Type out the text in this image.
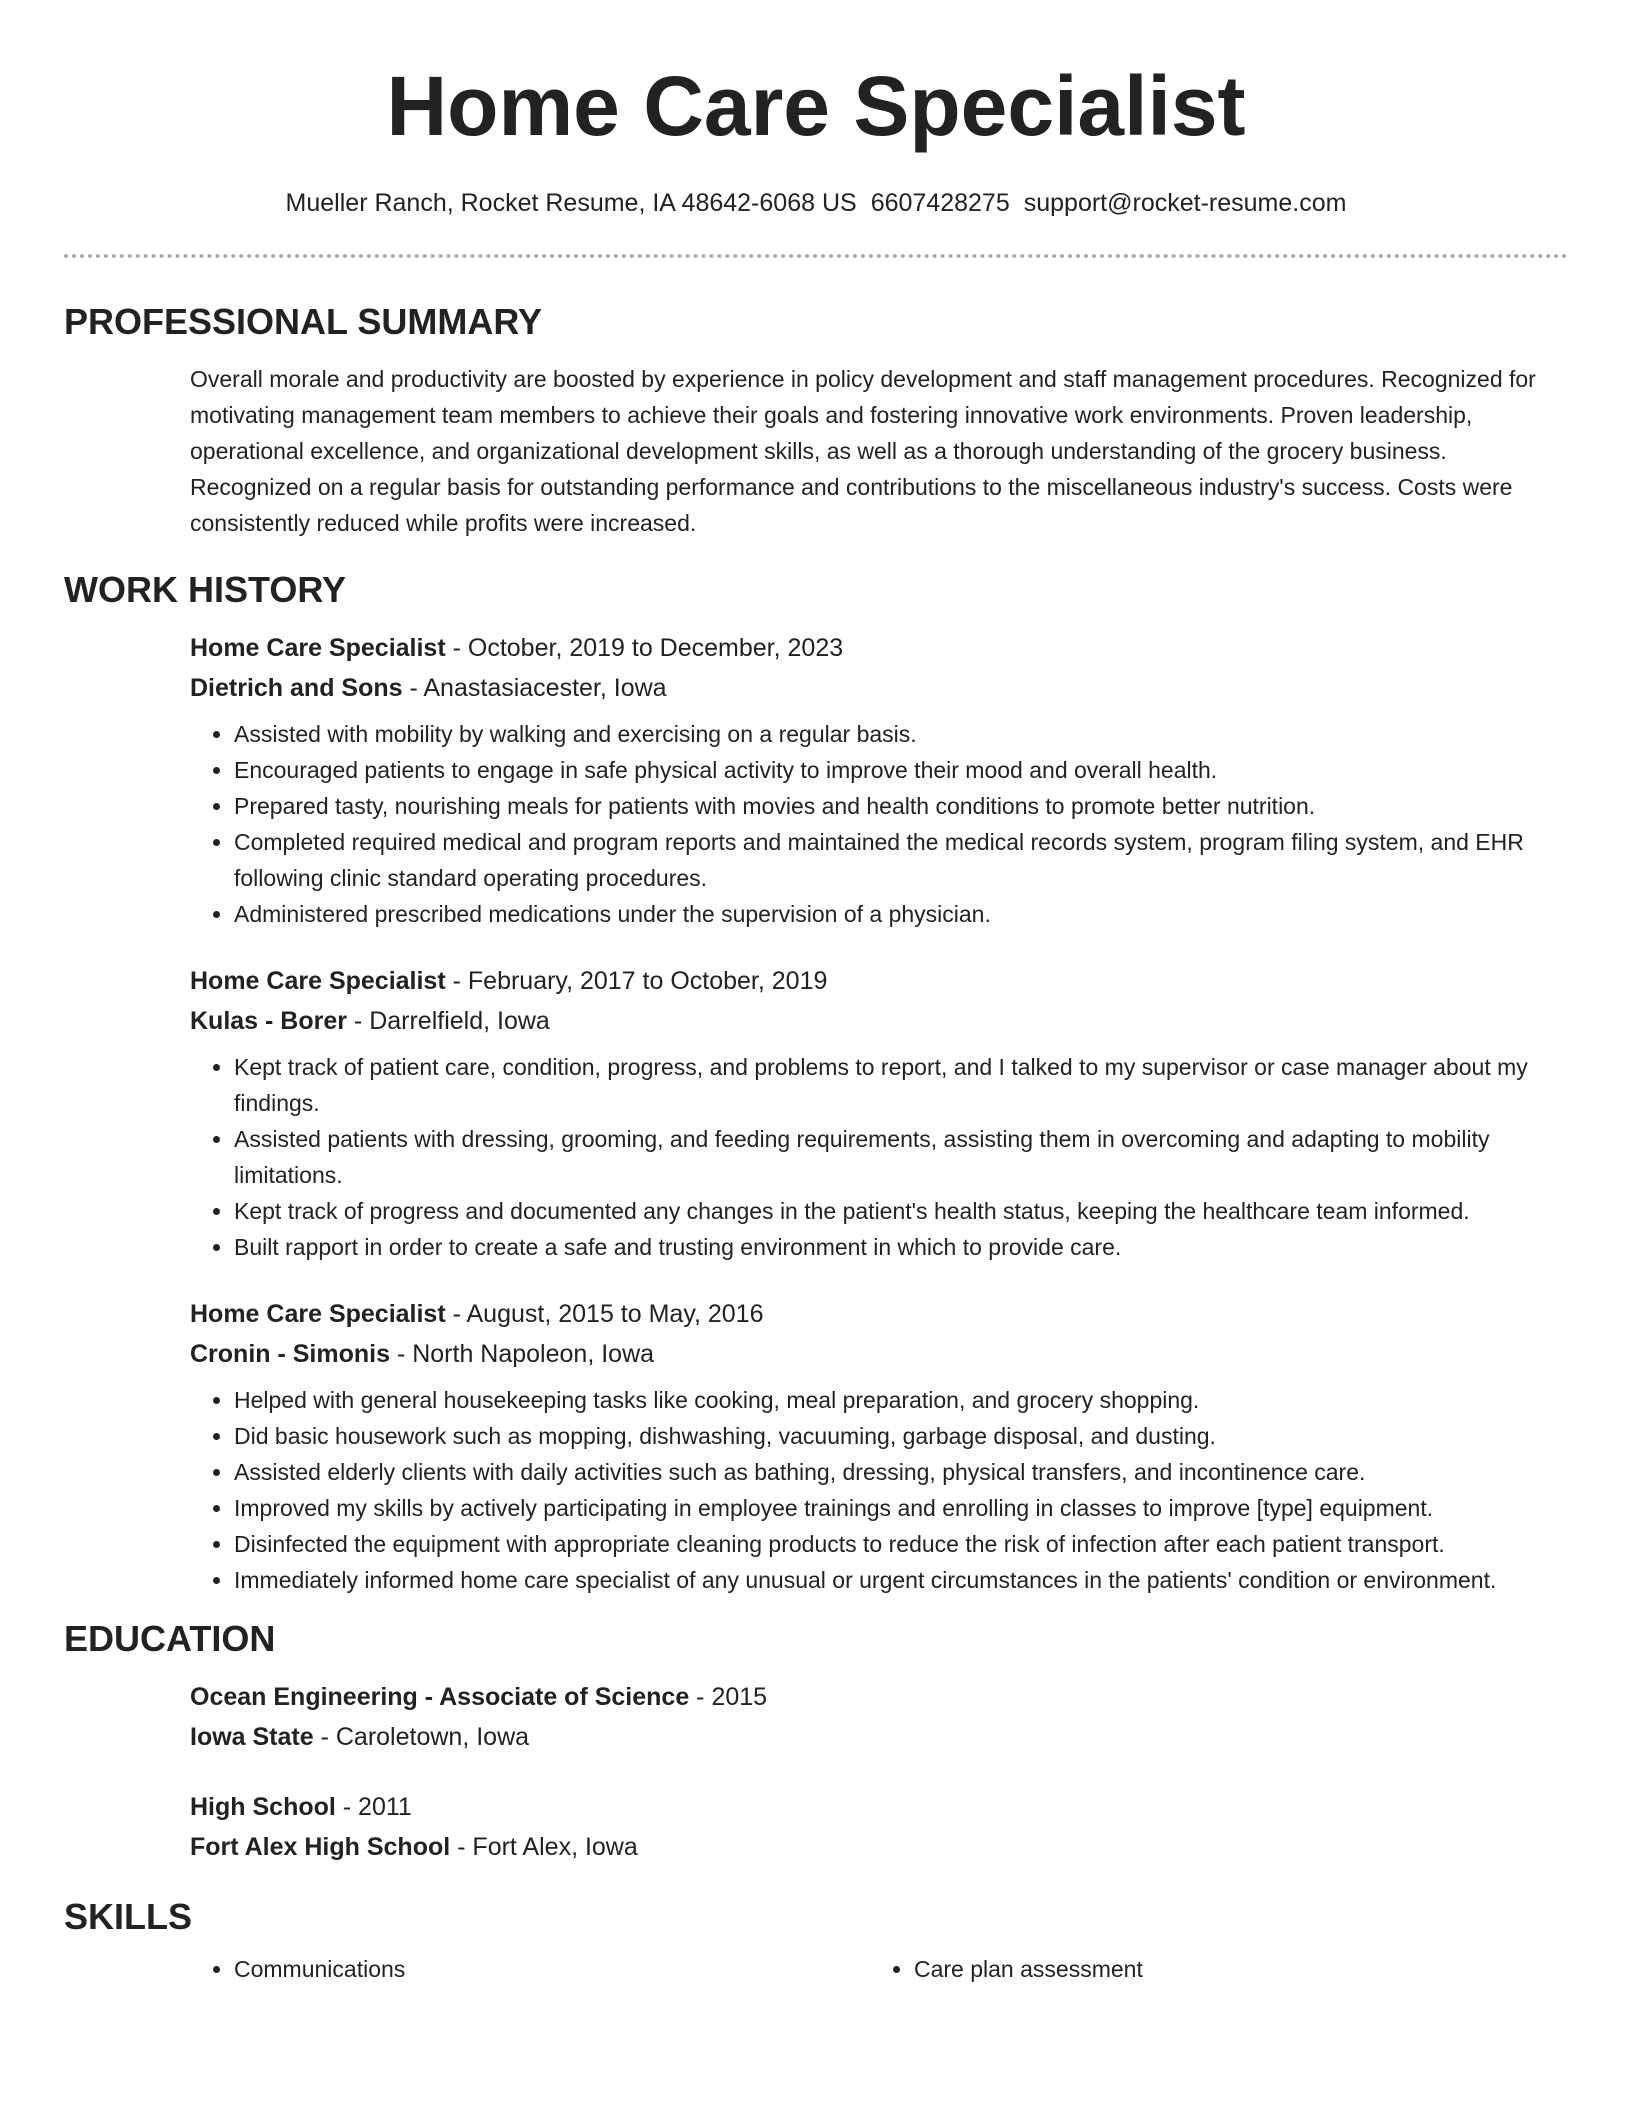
Home Care Specialist
Mueller Ranch, Rocket Resume, IA 48642-6068 US 6607428275 support@rocket-resume.com
PROFESSIONAL SUMMARY

Overall morale and productivity are boosted by experience in policy development and staff management procedures. Recognized for motivating management team members to achieve their goals and fostering innovative work environments. Proven leadership, operational excellence, and organizational development skills, as well as a thorough understanding of the grocery business. Recognized on a regular basis for outstanding performance and contributions to the miscellaneous industry's success. Costs were consistently reduced while profits were increased.

WORK HISTORY
Home Care Specialist - October, 2019 to December, 2023
Dietrich and Sons - Anastasiacester, Iowa
• Assisted with mobility by walking and exercising on a regular basis.
• Encouraged patients to engage in safe physical activity to improve their mood and overall health.
• Prepared tasty, nourishing meals for patients with movies and health conditions to promote better nutrition.
• Completed required medical and program reports and maintained the medical records system, program filing system, and EHR following clinic standard operating procedures.
• Administered prescribed medications under the supervision of a physician.
Home Care Specialist - February, 2017 to October, 2019
Kulas - Borer - Darrelfield, Iowa
• Kept track of patient care, condition, progress, and problems to report, and I talked to my supervisor or case manager about my findings.
• Assisted patients with dressing, grooming, and feeding requirements, assisting them in overcoming and adapting to mobility limitations.
• Kept track of progress and documented any changes in the patient's health status, keeping the healthcare team informed.
• Built rapport in order to create a safe and trusting environment in which to provide care.
Home Care Specialist - August, 2015 to May, 2016
Cronin - Simonis - North Napoleon, Iowa
• Helped with general housekeeping tasks like cooking, meal preparation, and grocery shopping.
• Did basic housework such as mopping, dishwashing, vacuuming, garbage disposal, and dusting.
• Assisted elderly clients with daily activities such as bathing, dressing, physical transfers, and incontinence care.
• Improved my skills by actively participating in employee trainings and enrolling in classes to improve [type] equipment.
• Disinfected the equipment with appropriate cleaning products to reduce the risk of infection after each patient transport.
• Immediately informed home care specialist of any unusual or urgent circumstances in the patients' condition or environment.
EDUCATION
Ocean Engineering - Associate of Science - 2015
Iowa State - Caroletown, Iowa
High School - 2011
Fort Alex High School - Fort Alex, Iowa
SKILLS
• Communications
•	Care plan assessment
